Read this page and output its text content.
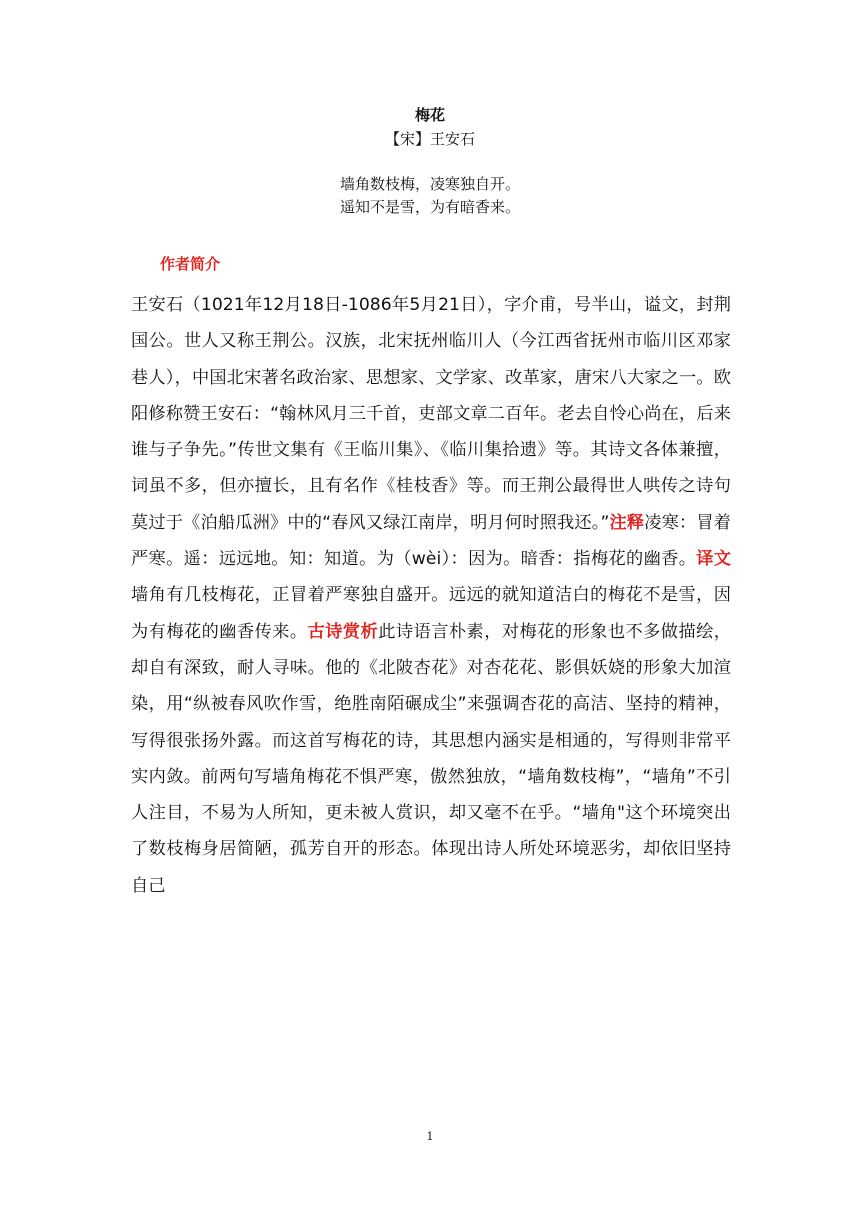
梅花
【宋】王安石
墙角数枝梅，凌寒独自开。
遥知不是雪，为有暗香来。
作者简介
王安石（1021年12月18日-1086年5月21日），字介甫，号半山，谥文，封荆国公。世人又称王荆公。汉族，北宋抚州临川人（今江西省抚州市临川区邓家巷人），中国北宋著名政治家、思想家、文学家、改革家，唐宋八大家之一。欧阳修称赞王安石：“翰林风月三千首，吏部文章二百年。老去自怜心尚在，后来谁与子争先。”传世文集有《王临川集》、《临川集拾遗》等。其诗文各体兼擅，词虽不多，但亦擅长，且有名作《桂枝香》等。而王荆公最得世人哄传之诗句莫过于《泊船瓜洲》中的“春风又绿江南岸，明月何时照我还。”注释凌寒：冒着严寒。遥：远远地。知：知道。为（wèi）：因为。暗香：指梅花的幽香。译文墙角有几枝梅花，正冒着严寒独自盛开。远远的就知道洁白的梅花不是雪，因为有梅花的幽香传来。古诗赏析此诗语言朴素，对梅花的形象也不多做描绘，却自有深致，耐人寻味。他的《北陂杏花》对杏花花、影俱妖娆的形象大加渲染，用“纵被春风吹作雪，绝胜南陌碾成尘”来强调杏花的高洁、坚持的精神，写得很张扬外露。而这首写梅花的诗，其思想内涵实是相通的，写得则非常平实内敛。前两句写墙角梅花不惧严寒，傲然独放，“墙角数枝梅”，“墙角”不引人注目，不易为人所知，更未被人赏识，却又毫不在乎。“墙角"这个环境突出了数枝梅身居简陋，孤芳自开的形态。体现出诗人所处环境恶劣，却依旧坚持自己
1
